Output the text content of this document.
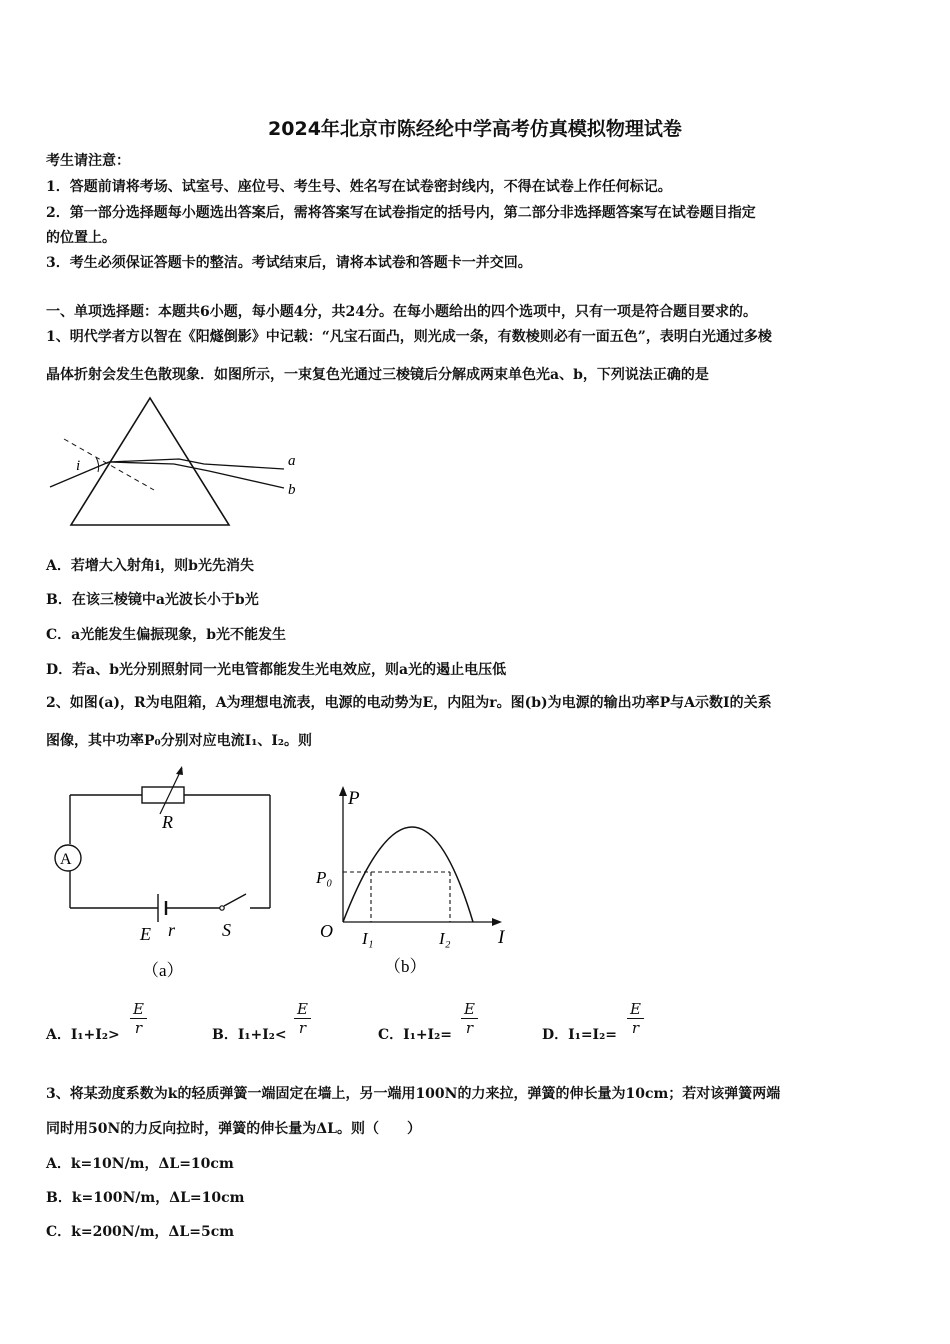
2024年北京市陈经纶中学高考仿真模拟物理试卷
考生请注意：
1．答题前请将考场、试室号、座位号、考生号、姓名写在试卷密封线内，不得在试卷上作任何标记。
2．第一部分选择题每小题选出答案后，需将答案写在试卷指定的括号内，第二部分非选择题答案写在试卷题目指定
的位置上。
3．考生必须保证答题卡的整洁。考试结束后，请将本试卷和答题卡一并交回。
一、单项选择题：本题共6小题，每小题4分，共24分。在每小题给出的四个选项中，只有一项是符合题目要求的。
1、明代学者方以智在《阳燧倒影》中记载：“凡宝石面凸，则光成一条，有数棱则必有一面五色”，表明白光通过多棱
晶体折射会发生色散现象．如图所示，一束复色光通过三棱镜后分解成两束单色光a、b，下列说法正确的是
i	a
b
A．若增大入射角i，则b光先消失
B．在该三棱镜中a光波长小于b光
C．a光能发生偏振现象，b光不能发生
D．若a、b光分别照射同一光电管都能发生光电效应，则a光的遏止电压低
2、如图(a)，R为电阻箱，A为理想电流表，电源的电动势为E，内阻为r。图(b)为电源的输出功率P与A示数I的关系
图像，其中功率P₀分别对应电流I₁、I₂。则
R
A
E r	S
（a）
P
P₀
O I₁	I₂ I
（b）
A．$I_1+I_2> \frac{E}{r}$	B．$I_1+I_2< \frac{E}{r}$	C．$I_1+I_2= \frac{E}{r}$	D．$I_1=I_2= \frac{E}{r}$
3、将某劲度系数为k的轻质弹簧一端固定在墙上，另一端用100N的力来拉，弹簧的伸长量为10cm；若对该弹簧两端
同时用50N的力反向拉时，弹簧的伸长量为ΔL。则（　　）
A．k=10N/m，ΔL=10cm
B．k=100N/m，ΔL=10cm
C．k=200N/m，ΔL=5cm
